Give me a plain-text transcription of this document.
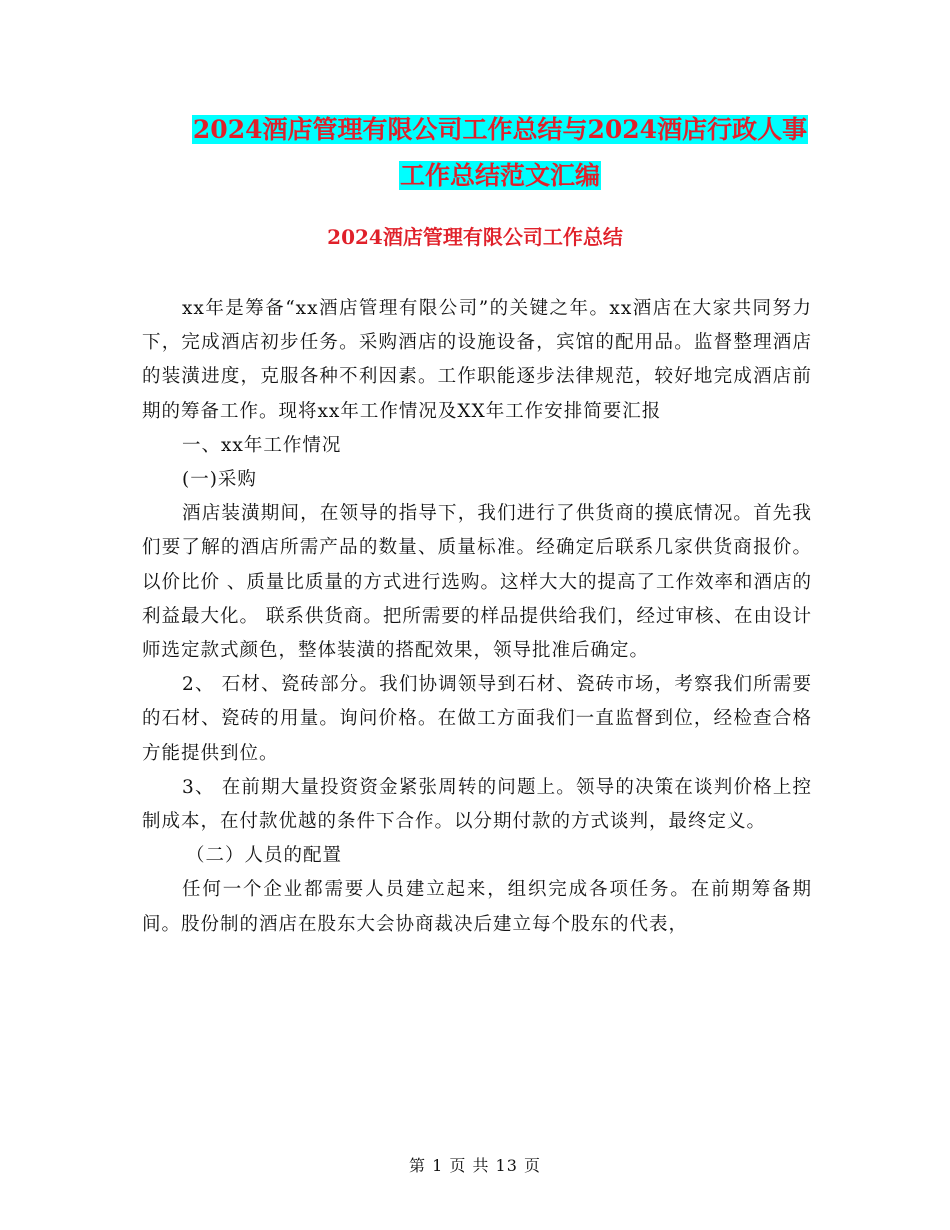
2024酒店管理有限公司工作总结与2024酒店行政人事
工作总结范文汇编
2024酒店管理有限公司工作总结

xx年是筹备“xx酒店管理有限公司”的关键之年。xx酒店在大家共同努力下，完成酒店初步任务。采购酒店的设施设备，宾馆的配用品。监督整理酒店的装潢进度，克服各种不利因素。工作职能逐步法律规范，较好地完成酒店前期的筹备工作。现将xx年工作情况及XX年工作安排简要汇报

一、xx年工作情况

(一)采购

酒店装潢期间，在领导的指导下，我们进行了供货商的摸底情况。首先我们要了解的酒店所需产品的数量、质量标准。经确定后联系几家供货商报价。以价比价 、质量比质量的方式进行选购。这样大大的提高了工作效率和酒店的利益最大化。 联系供货商。把所需要的样品提供给我们，经过审核、在由设计师选定款式颜色，整体装潢的搭配效果，领导批准后确定。

2、 石材、瓷砖部分。我们协调领导到石材、瓷砖市场，考察我们所需要的石材、瓷砖的用量。询问价格。在做工方面我们一直监督到位，经检查合格方能提供到位。

3、 在前期大量投资资金紧张周转的问题上。领导的决策在谈判价格上控制成本，在付款优越的条件下合作。以分期付款的方式谈判，最终定义。

（二）人员的配置

任何一个企业都需要人员建立起来，组织完成各项任务。在前期筹备期间。股份制的酒店在股东大会协商裁决后建立每个股东的代表，

第 1 页 共 13 页
